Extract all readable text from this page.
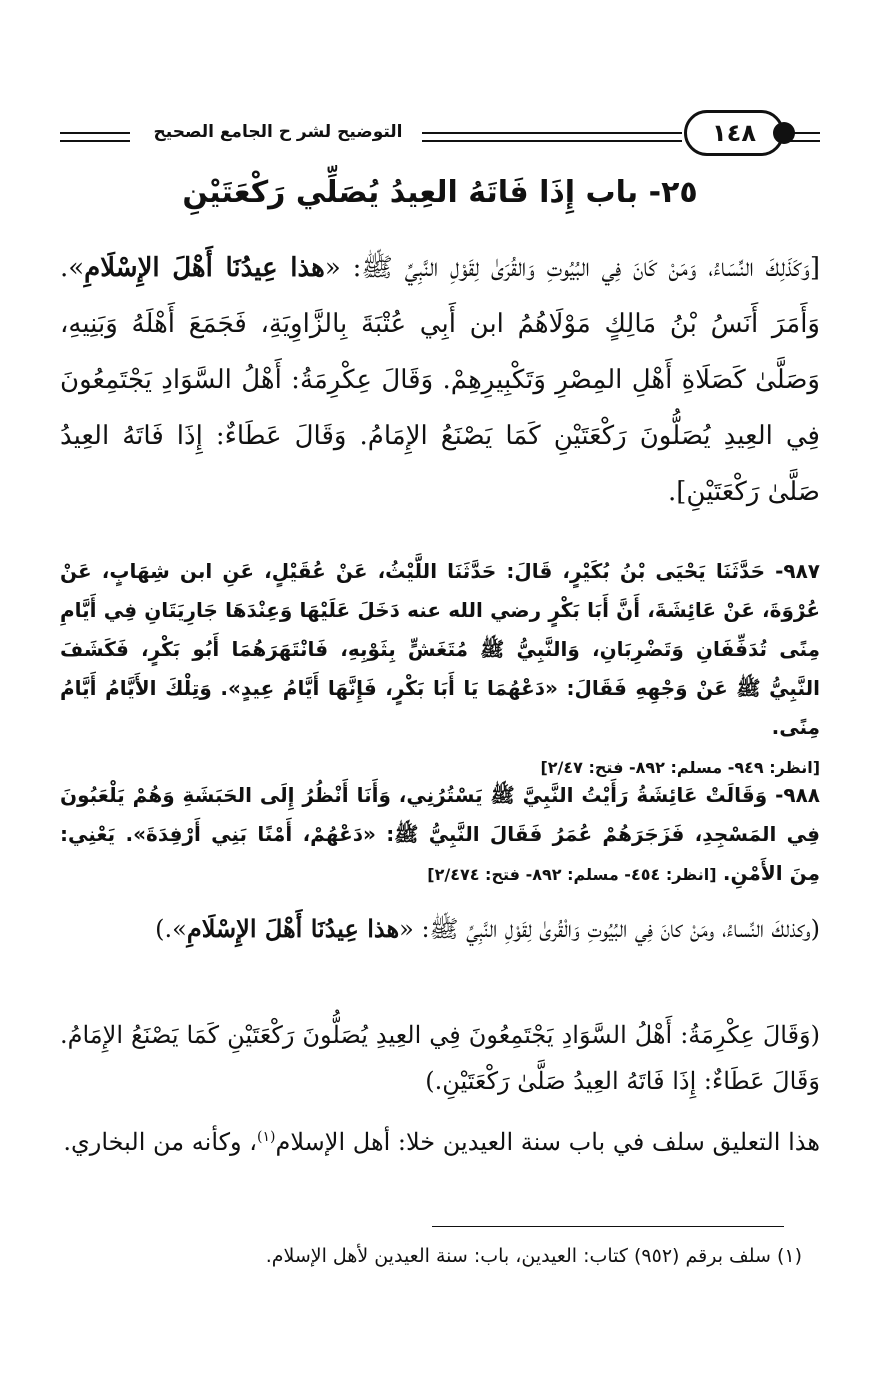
التوضيح لشر ح الجامع الصحيح	١٤٨
٢٥- باب إِذَا فَاتَهُ العِيدُ يُصَلِّي رَكْعَتَيْنِ
[وَكَذَلِكَ النِّسَاءُ، وَمَنْ كَانَ فِي البُيُوتِ وَالقُرَىٰ لِقَوْلِ النَّبِيِّ ﷺ: «هذا عِيدُنَا أَهْلَ الإِسْلَامِ». وَأَمَرَ أَنَسُ بْنُ مَالِكٍ مَوْلَاهُمُ ابن أَبِي عُتْبَةَ بِالزَّاوِيَةِ، فَجَمَعَ أَهْلَهُ وَبَنِيهِ، وَصَلَّىٰ كَصَلَاةِ أَهْلِ المِصْرِ وَتَكْبِيرِهِمْ. وَقَالَ عِكْرِمَةُ: أَهْلُ السَّوَادِ يَجْتَمِعُونَ فِي العِيدِ يُصَلُّونَ رَكْعَتَيْنِ كَمَا يَصْنَعُ الإِمَامُ. وَقَالَ عَطَاءٌ: إِذَا فَاتَهُ العِيدُ صَلَّىٰ رَكْعَتَيْنِ].
٩٨٧- حَدَّثَنَا يَحْيَى بْنُ بُكَيْرٍ، قَالَ: حَدَّثَنَا اللَّيْثُ، عَنْ عُقَيْلٍ، عَنِ ابن شِهَابٍ، عَنْ عُرْوَةَ، عَنْ عَائِشَةَ، أَنَّ أَبَا بَكْرٍ رضي الله عنه دَخَلَ عَلَيْهَا وَعِنْدَهَا جَارِيَتَانِ فِي أَيَّامِ مِنًى تُدَفِّفَانِ وَتَضْرِبَانِ، وَالنَّبِيُّ ﷺ مُتَغَشٍّ بِثَوْبِهِ، فَانْتَهَرَهُمَا أَبُو بَكْرٍ، فَكَشَفَ النَّبِيُّ ﷺ عَنْ وَجْهِهِ فَقَالَ: «دَعْهُمَا يَا أَبَا بَكْرٍ، فَإِنَّهَا أَيَّامُ عِيدٍ». وَتِلْكَ الأَيَّامُ أَيَّامُ مِنًى.
[انظر: ٩٤٩- مسلم: ٨٩٢- فتح: ٢/٤٧]
٩٨٨- وَقَالَتْ عَائِشَةُ رَأَيْتُ النَّبِيَّ ﷺ يَسْتُرُنِي، وَأَنَا أَنْظُرُ إِلَى الحَبَشَةِ وَهُمْ يَلْعَبُونَ فِي المَسْجِدِ، فَزَجَرَهُمْ عُمَرُ فَقَالَ النَّبِيُّ ﷺ: «دَعْهُمْ، أَمْنًا بَنِي أَرْفِدَةَ». يَعْنِي: مِنَ الأَمْنِ. [انظر: ٤٥٤- مسلم: ٨٩٢- فتح: ٢/٤٧٤]
(وكذلكَ النِّساءُ، ومَنْ كانَ فِي البُيُوتِ وَالْقُرىٰ لِقَوْلِ النَّبِيِّ ﷺ: «هذا عِيدُنَا أَهْلَ الإِسْلَامِ».)
(وَقَالَ عِكْرِمَةُ: أَهْلُ السَّوَادِ يَجْتَمِعُونَ فِي العِيدِ يُصَلُّونَ رَكْعَتَيْنِ كَمَا يَصْنَعُ الإِمَامُ. وَقَالَ عَطَاءٌ: إِذَا فَاتَهُ العِيدُ صَلَّىٰ رَكْعَتَيْنِ.)
هذا التعليق سلف في باب سنة العيدين خلا: أهل الإسلام$^{(١)}$، وكأنه من البخاري.
(١) سلف برقم (٩٥٢) كتاب: العيدين، باب: سنة العيدين لأهل الإسلام.
